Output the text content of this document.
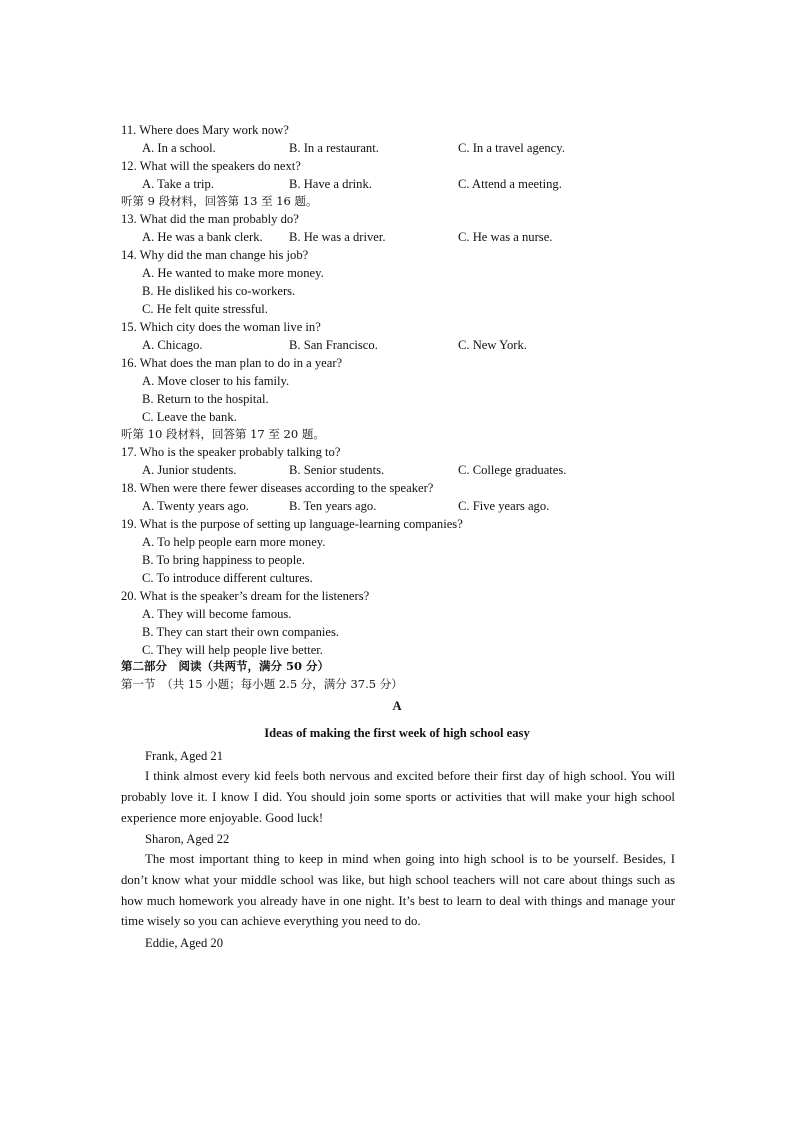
11. Where does Mary work now?
A. In a school.	B. In a restaurant.	C. In a travel agency.
12. What will the speakers do next?
A. Take a trip.	B. Have a drink.	C. Attend a meeting.
听第 9 段材料，回答第 13 至 16 题。
13. What did the man probably do?
A. He was a bank clerk. B. He was a driver.	C. He was a nurse.
14. Why did the man change his job?
A. He wanted to make more money.
B. He disliked his co-workers.
C. He felt quite stressful.
15. Which city does the woman live in?
A. Chicago.	B. San Francisco.	C. New York.
16. What does the man plan to do in a year?
A. Move closer to his family.
B. Return to the hospital.
C. Leave the bank.
听第 10 段材料，回答第 17 至 20 题。
17. Who is the speaker probably talking to?
A. Junior students.	B. Senior students.	C. College graduates.
18. When were there fewer diseases according to the speaker?
A. Twenty years ago.	B. Ten years ago.	C. Five years ago.
19. What is the purpose of setting up language-learning companies?
A. To help people earn more money.
B. To bring happiness to people.
C. To introduce different cultures.
20. What is the speaker’s dream for the listeners?
A. They will become famous.
B. They can start their own companies.
C. They will help people live better.
第二部分　阅读（共两节，满分 50 分）
第一节　（共 15 小题；每小题 2.5 分，满分 37.5 分）
A
Ideas of making the first week of high school easy
Frank, Aged 21
I think almost every kid feels both nervous and excited before their first day of high school. You will probably love it. I know I did. You should join some sports or activities that will make your high school experience more enjoyable. Good luck!
Sharon, Aged 22
The most important thing to keep in mind when going into high school is to be yourself. Besides, I don’t know what your middle school was like, but high school teachers will not care about things such as how much homework you already have in one night. It’s best to learn to deal with things and manage your time wisely so you can achieve everything you need to do.
Eddie, Aged 20
